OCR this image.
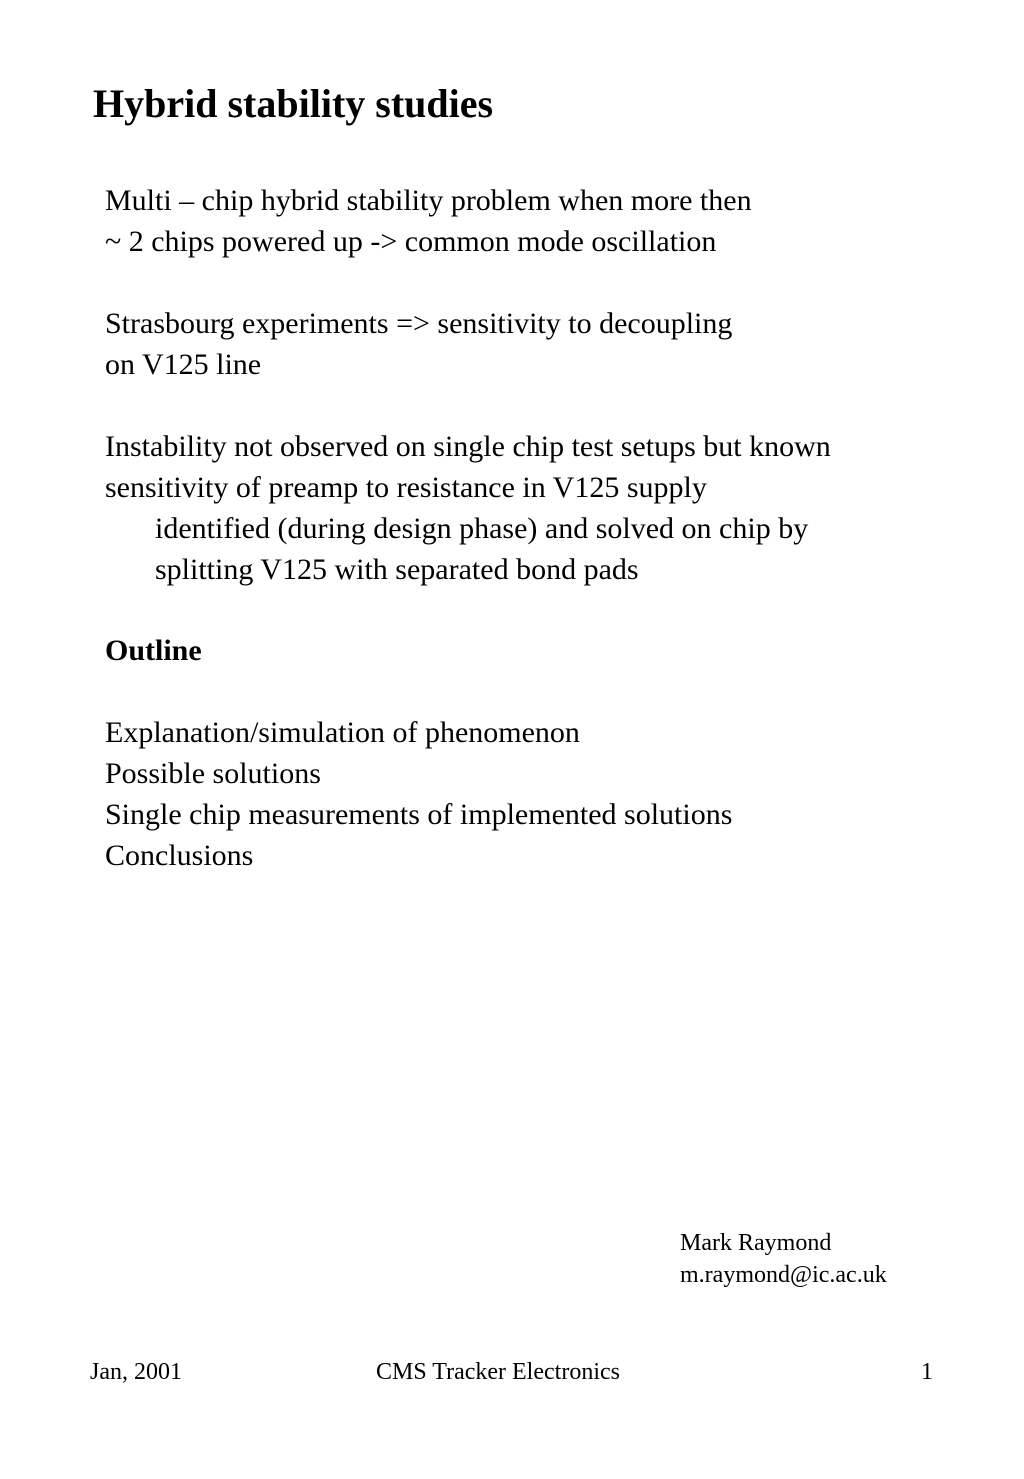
Hybrid stability studies
Multi – chip hybrid stability problem when more then
~ 2 chips powered up -> common mode oscillation
Strasbourg experiments => sensitivity to decoupling
on V125 line
Instability not observed on single chip test setups but known
sensitivity of preamp to resistance in V125 supply
identified (during design phase) and solved on chip by
splitting V125 with separated bond pads
Outline
Explanation/simulation of phenomenon
Possible solutions
Single chip measurements of implemented solutions
Conclusions
Mark Raymond
m.raymond@ic.ac.uk
Jan, 2001	CMS Tracker Electronics	1
